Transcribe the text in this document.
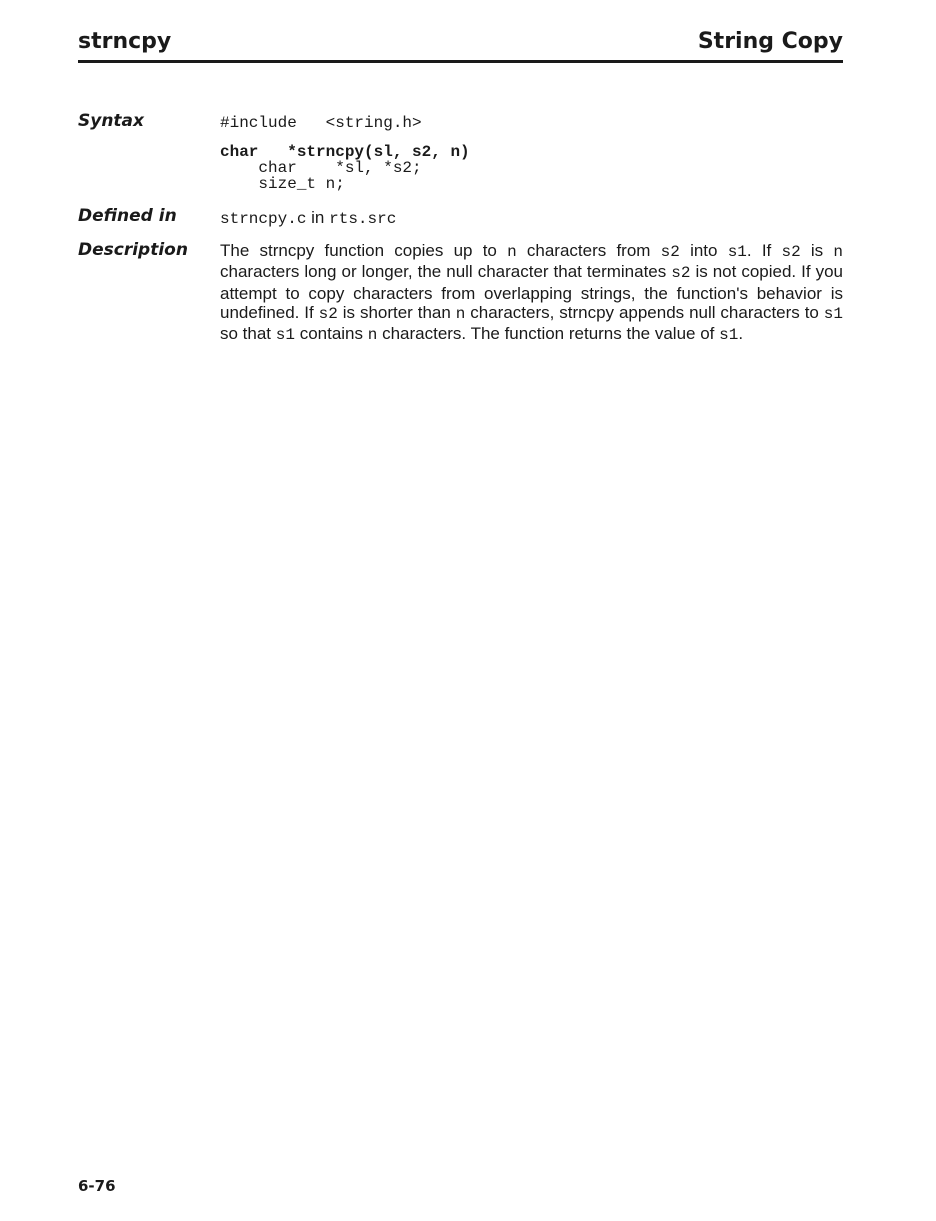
strncpy	String Copy
Syntax	#include   <string.h>
char   *strncpy(sl, s2, n)
char    *sl, *s2;
size_t n;
Defined in	strncpy.c in rts.src
Description The strncpy function copies up to n characters from s2 into s1. If s2 is n characters long or longer, the null character that terminates s2 is not copied. If you attempt to copy characters from overlapping strings, the function's behavior is undefined. If s2 is shorter than n characters, strncpy appends null characters to s1 so that s1 contains n characters. The function returns the value of s1.
6-76
